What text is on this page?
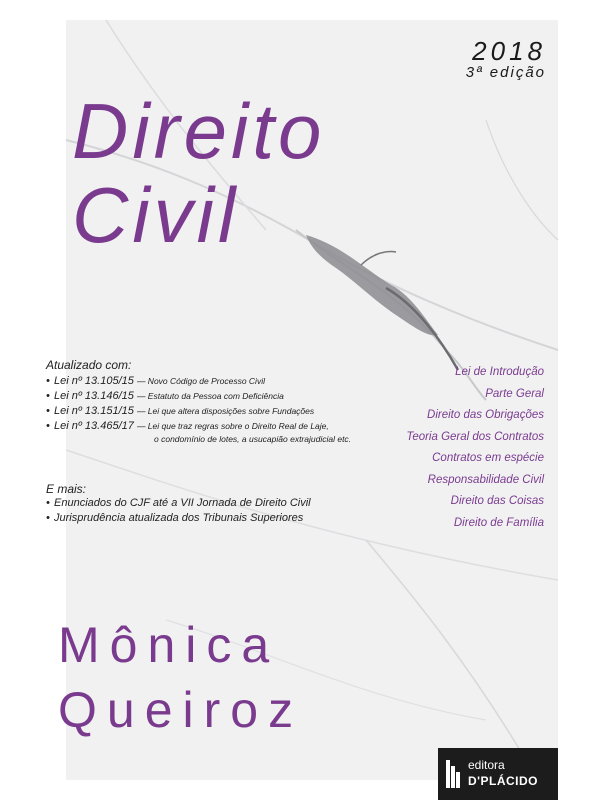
2018
3ª edição
Direito
Civil
Atualizado com:
• Lei nº 13.105/15 — Novo Código de Processo Civil
• Lei nº 13.146/15 — Estatuto da Pessoa com Deficiência
• Lei nº 13.151/15 — Lei que altera disposições sobre Fundações
• Lei nº 13.465/17 — Lei que traz regras sobre o Direito Real de Laje,
o condomínio de lotes, a usucapião extrajudicial etc.
E mais:
• Enunciados do CJF até a VII Jornada de Direito Civil
• Jurisprudência atualizada dos Tribunais Superiores
Lei de Introdução
Parte Geral
Direito das Obrigações
Teoria Geral dos Contratos
Contratos em espécie
Responsabilidade Civil
Direito das Coisas
Direito de Família
Mônica
Queiroz
editora
D'PLÁCIDO
